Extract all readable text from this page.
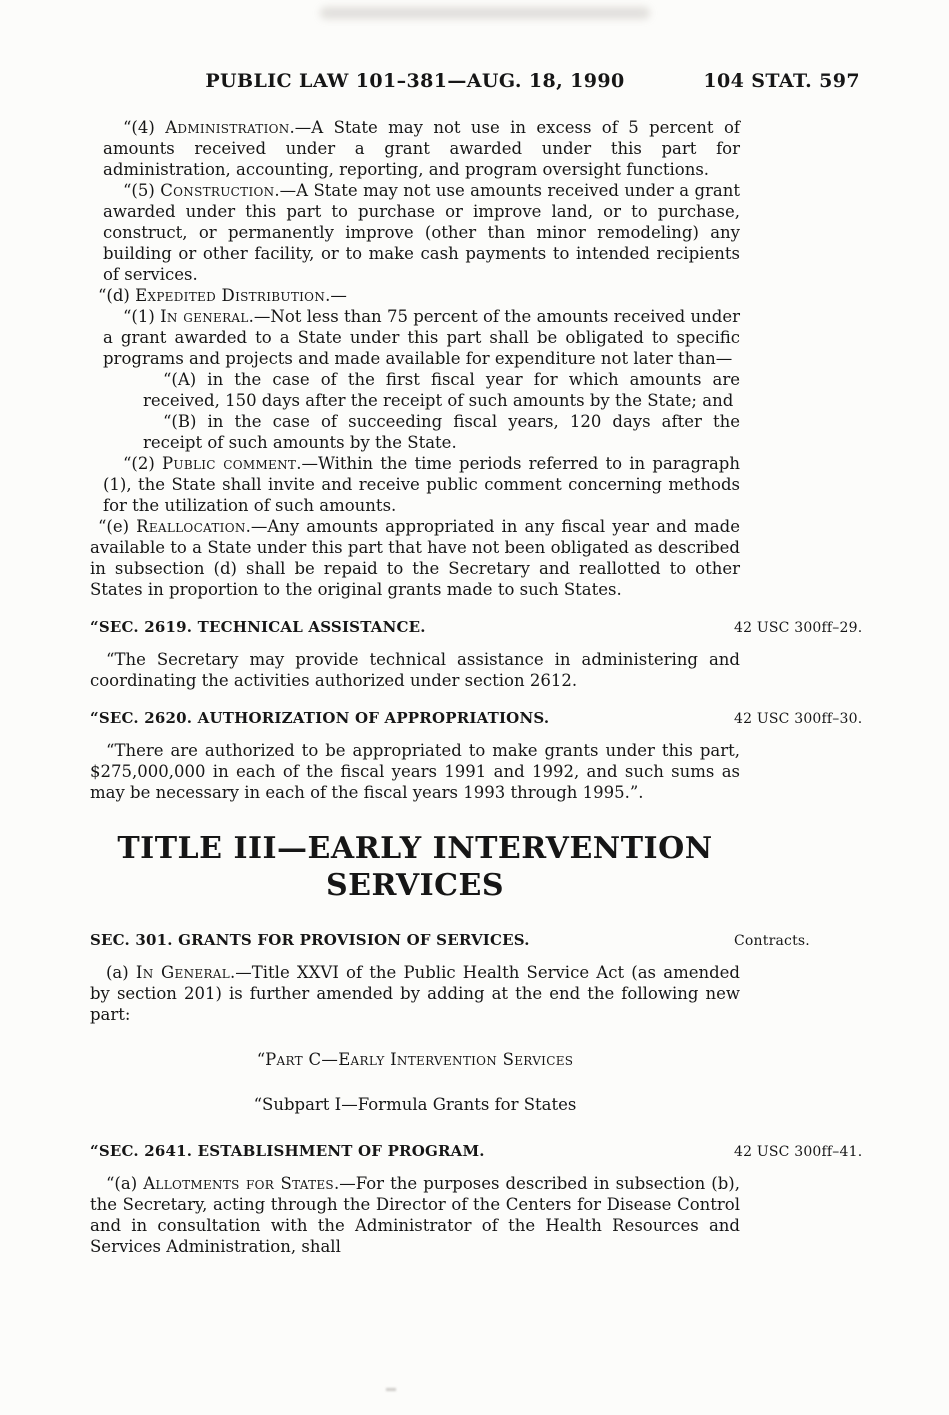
PUBLIC LAW 101–381—AUG. 18, 1990	104 STAT. 597

“(4) Administration.—A State may not use in excess of 5 percent of amounts received under a grant awarded under this part for administration, accounting, reporting, and program oversight functions.

“(5) Construction.—A State may not use amounts received under a grant awarded under this part to purchase or improve land, or to purchase, construct, or permanently improve (other than minor remodeling) any building or other facility, or to make cash payments to intended recipients of services.

“(d) Expedited Distribution.—

“(1) In general.—Not less than 75 percent of the amounts received under a grant awarded to a State under this part shall be obligated to specific programs and projects and made available for expenditure not later than—

“(A) in the case of the first fiscal year for which amounts are received, 150 days after the receipt of such amounts by the State; and

“(B) in the case of succeeding fiscal years, 120 days after the receipt of such amounts by the State.

“(2) Public comment.—Within the time periods referred to in paragraph (1), the State shall invite and receive public comment concerning methods for the utilization of such amounts.

“(e) Reallocation.—Any amounts appropriated in any fiscal year and made available to a State under this part that have not been obligated as described in subsection (d) shall be repaid to the Secretary and reallotted to other States in proportion to the original grants made to such States.

“SEC. 2619. TECHNICAL ASSISTANCE.	42 USC 300ff–29.

“The Secretary may provide technical assistance in administering and coordinating the activities authorized under section 2612.

“SEC. 2620. AUTHORIZATION OF APPROPRIATIONS.	42 USC 300ff–30.

“There are authorized to be appropriated to make grants under this part, $275,000,000 in each of the fiscal years 1991 and 1992, and such sums as may be necessary in each of the fiscal years 1993 through 1995.”.

TITLE III—EARLY INTERVENTION
SERVICES
SEC. 301. GRANTS FOR PROVISION OF SERVICES.	Contracts.

(a) In General.—Title XXVI of the Public Health Service Act (as amended by section 201) is further amended by adding at the end the following new part:

“Part C—Early Intervention Services

“Subpart I—Formula Grants for States

“SEC. 2641. ESTABLISHMENT OF PROGRAM.	42 USC 300ff–41.

“(a) Allotments for States.—For the purposes described in subsection (b), the Secretary, acting through the Director of the Centers for Disease Control and in consultation with the Administrator of the Health Resources and Services Administration, shall
